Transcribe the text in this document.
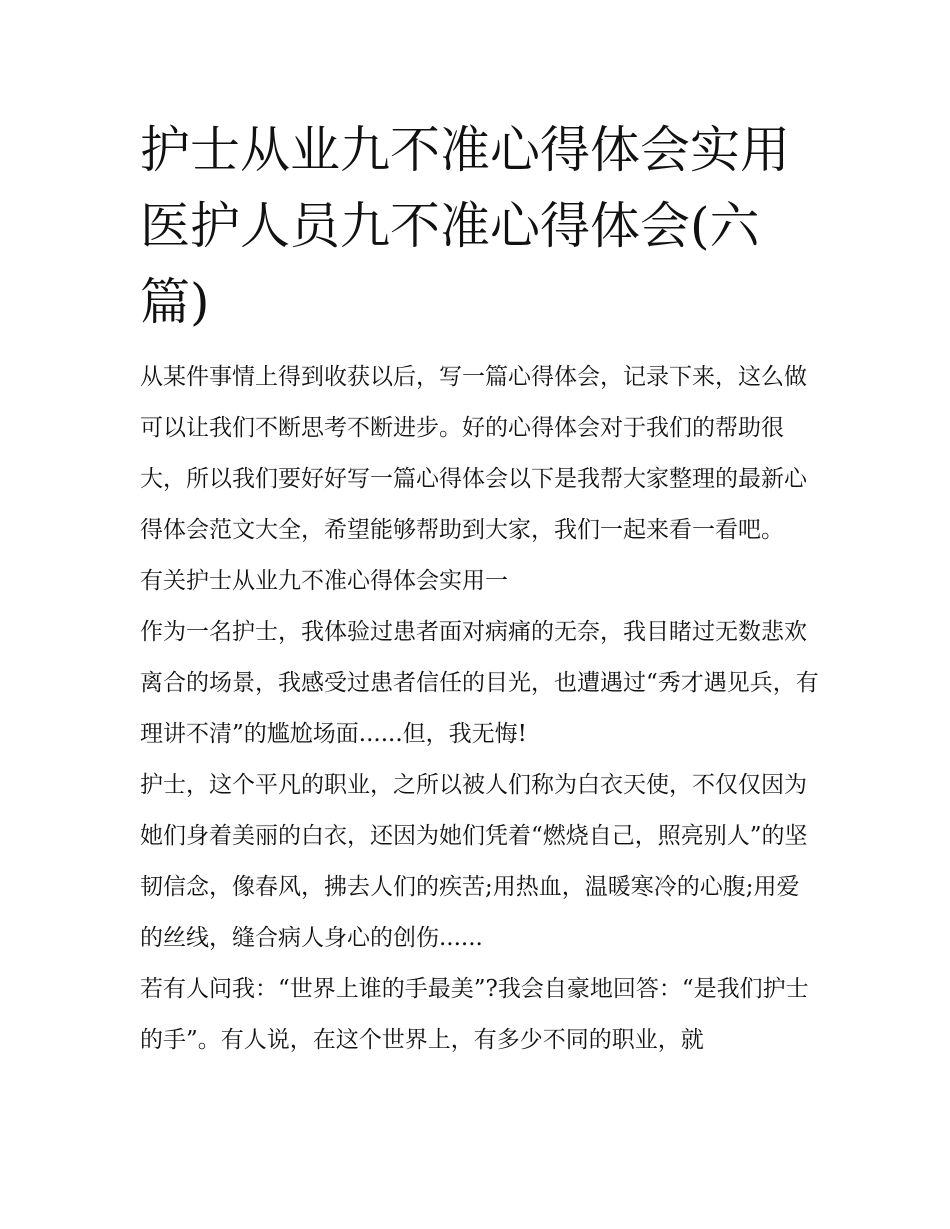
护士从业九不准心得体会实用医护人员九不准心得体会(六篇)

从某件事情上得到收获以后，写一篇心得体会，记录下来，这么做可以让我们不断思考不断进步。好的心得体会对于我们的帮助很大，所以我们要好好写一篇心得体会以下是我帮大家整理的最新心得体会范文大全，希望能够帮助到大家，我们一起来看一看吧。

有关护士从业九不准心得体会实用一

作为一名护士，我体验过患者面对病痛的无奈，我目睹过无数悲欢离合的场景，我感受过患者信任的目光，也遭遇过“秀才遇见兵，有理讲不清”的尴尬场面......但，我无悔!

护士，这个平凡的职业，之所以被人们称为白衣天使，不仅仅因为她们身着美丽的白衣，还因为她们凭着“燃烧自己，照亮别人”的坚韧信念，像春风，拂去人们的疾苦;用热血，温暖寒冷的心腹;用爱的丝线，缝合病人身心的创伤......

若有人问我：“世界上谁的手最美”?我会自豪地回答：“是我们护士的手”。有人说，在这个世界上，有多少不同的职业，就
